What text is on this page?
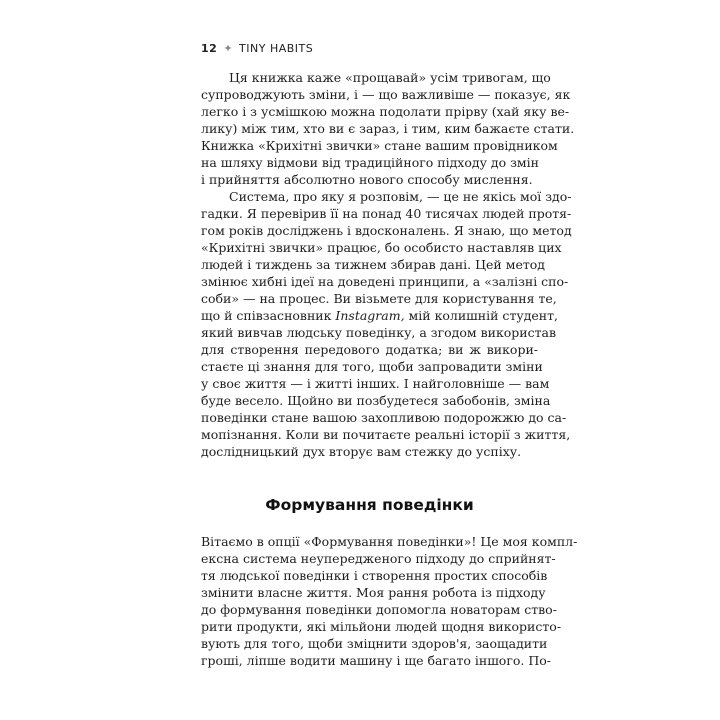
12 ✦ TINY HABITS
Ця книжка каже «прощавай» усім тривогам, що
супроводжують зміни, і — що важливіше — показує, як
легко і з усмішкою можна подолати прірву (хай яку ве-
лику) між тим, хто ви є зараз, і тим, ким бажаєте стати.
Книжка «Крихітні звички» стане вашим провідником
на шляху відмови від традиційного підходу до змін
і прийняття абсолютно нового способу мислення.
Система, про яку я розповім, — це не якісь мої здо-
гадки. Я перевірив її на понад 40 тисячах людей протя-
гом років досліджень і вдосконалень. Я знаю, що метод
«Крихітні звички» працює, бо особисто наставляв цих
людей і тиждень за тижнем збирав дані. Цей метод
змінює хибні ідеї на доведені принципи, а «залізні спо-
соби» — на процес. Ви візьмете для користування те,
що й співзасновник Instagram, мій колишній студент,
який вивчав людську поведінку, а згодом використав
для створення передового додатка; ви ж викори-
стаєте ці знання для того, щоби запровадити зміни
у своє життя — і житті інших. І найголовніше — вам
буде весело. Щойно ви позбудетеся забобонів, зміна
поведінки стане вашою захопливою подорожжю до са-
мопізнання. Коли ви почитаєте реальні історії з життя,
дослідницький дух вторує вам стежку до успіху.
Формування поведінки
Вітаємо в опції «Формування поведінки»! Це моя компл-
ексна система неупередженого підходу до сприйнят-
тя людської поведінки і створення простих способів
змінити власне життя. Моя рання робота із підходу
до формування поведінки допомогла новаторам ство-
рити продукти, які мільйони людей щодня використо-
вують для того, щоби зміцнити здоров'я, заощадити
гроші, ліпше водити машину і ще багато іншого. По-
